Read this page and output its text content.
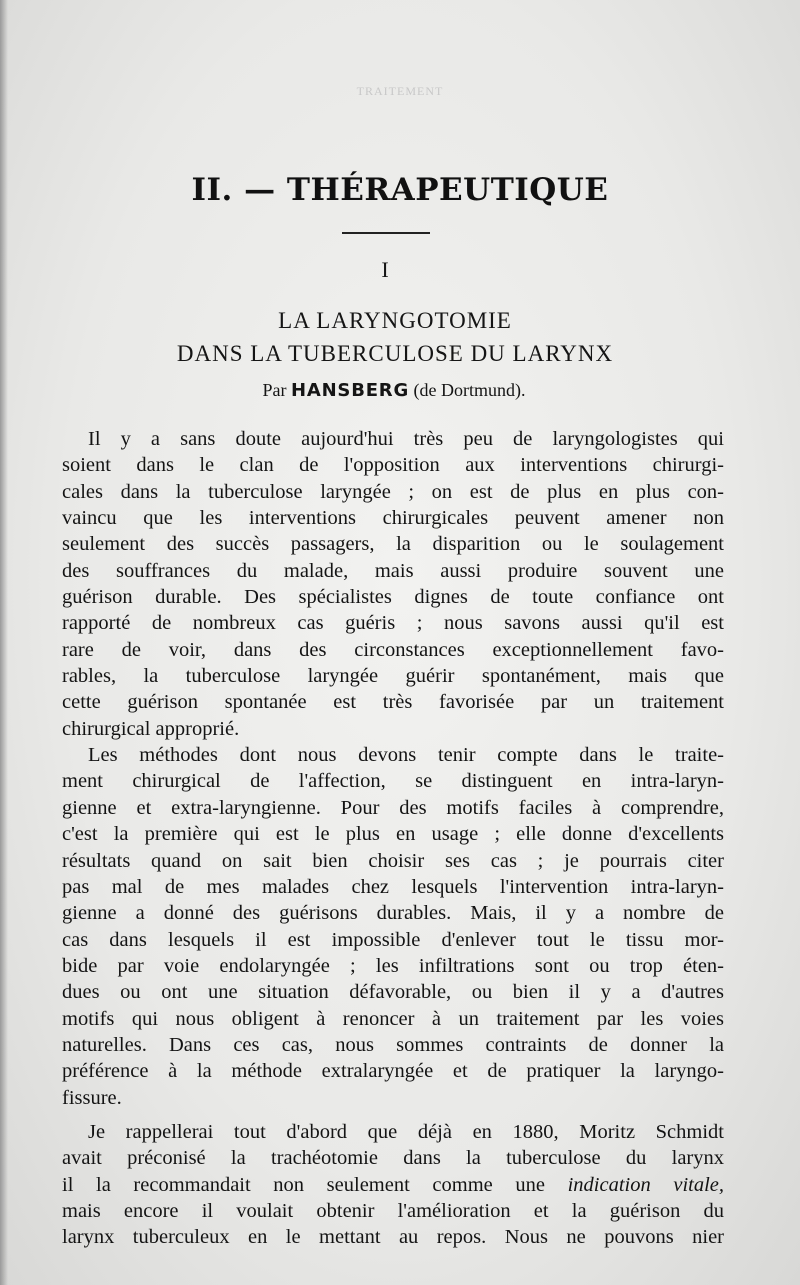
TRAITEMENT
II. — THÉRAPEUTIQUE
I
LA LARYNGOTOMIE
DANS LA TUBERCULOSE DU LARYNX
Par HANSBERG (de Dortmund).
Il y a sans doute aujourd'hui très peu de laryngologistes qui
soient dans le clan de l'opposition aux interventions chirurgi-
cales dans la tuberculose laryngée ; on est de plus en plus con-
vaincu que les interventions chirurgicales peuvent amener non
seulement des succès passagers, la disparition ou le soulagement
des souffrances du malade, mais aussi produire souvent une
guérison durable. Des spécialistes dignes de toute confiance ont
rapporté de nombreux cas guéris ; nous savons aussi qu'il est
rare de voir, dans des circonstances exceptionnellement favo-
rables, la tuberculose laryngée guérir spontanément, mais que
cette guérison spontanée est très favorisée par un traitement
chirurgical approprié.
Les méthodes dont nous devons tenir compte dans le traite-
ment chirurgical de l'affection, se distinguent en intra-laryn-
gienne et extra-laryngienne. Pour des motifs faciles à comprendre,
c'est la première qui est le plus en usage ; elle donne d'excellents
résultats quand on sait bien choisir ses cas ; je pourrais citer
pas mal de mes malades chez lesquels l'intervention intra-laryn-
gienne a donné des guérisons durables. Mais, il y a nombre de
cas dans lesquels il est impossible d'enlever tout le tissu mor-
bide par voie endolaryngée ; les infiltrations sont ou trop éten-
dues ou ont une situation défavorable, ou bien il y a d'autres
motifs qui nous obligent à renoncer à un traitement par les voies
naturelles. Dans ces cas, nous sommes contraints de donner la
préférence à la méthode extralaryngée et de pratiquer la laryngo-
fissure.
Je rappellerai tout d'abord que déjà en 1880, Moritz Schmidt
avait préconisé la trachéotomie dans la tuberculose du larynx
il la recommandait non seulement comme une indication vitale,
mais encore il voulait obtenir l'amélioration et la guérison du
larynx tuberculeux en le mettant au repos. Nous ne pouvons nier
